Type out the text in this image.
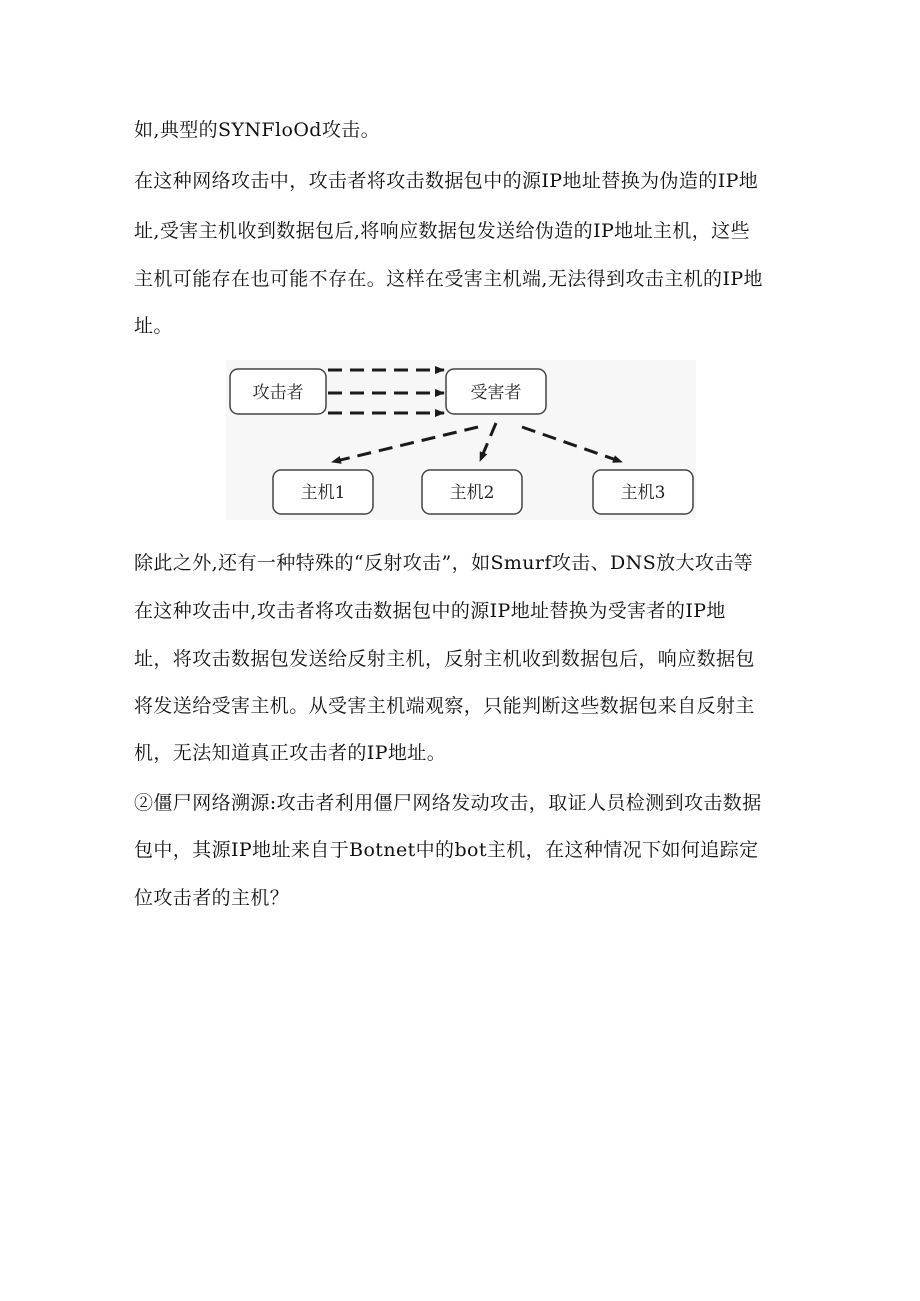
如,典型的SYNFloOd攻击。
在这种网络攻击中，攻击者将攻击数据包中的源IP地址替换为伪造的IP地
址,受害主机收到数据包后,将响应数据包发送给伪造的IP地址主机，这些
主机可能存在也可能不存在。这样在受害主机端,无法得到攻击主机的IP地
址。
攻击者	受害者
主机1	主机2	主机3
除此之外,还有一种特殊的“反射攻击”，如Smurf攻击、DNS放大攻击等
在这种攻击中,攻击者将攻击数据包中的源IP地址替换为受害者的IP地
址，将攻击数据包发送给反射主机，反射主机收到数据包后，响应数据包
将发送给受害主机。从受害主机端观察，只能判断这些数据包来自反射主
机，无法知道真正攻击者的IP地址。
②僵尸网络溯源:攻击者利用僵尸网络发动攻击，取证人员检测到攻击数据
包中，其源IP地址来自于Botnet中的bot主机，在这种情况下如何追踪定
位攻击者的主机？
